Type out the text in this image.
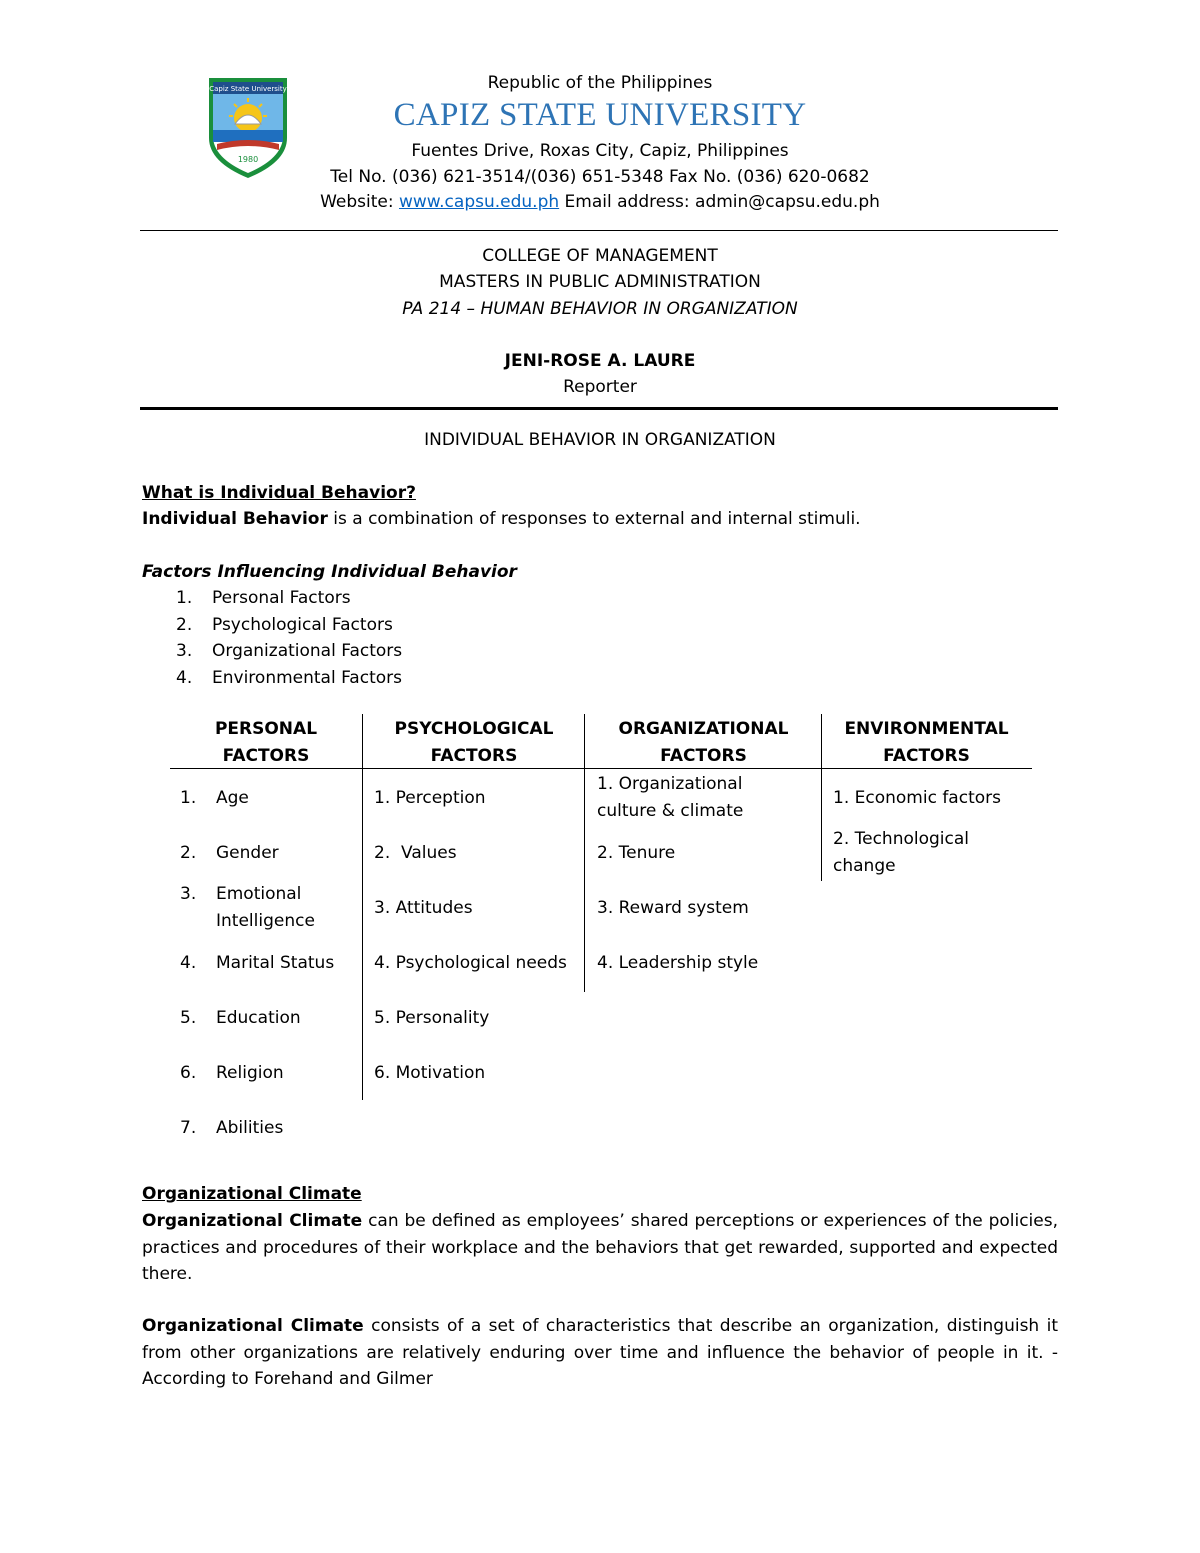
Capiz State University
1980
Republic of the Philippines
CAPIZ STATE UNIVERSITY
Fuentes Drive, Roxas City, Capiz, Philippines
Tel No. (036) 621-3514/(036) 651-5348 Fax No. (036) 620-0682
Website: www.capsu.edu.ph Email address: admin@capsu.edu.ph
COLLEGE OF MANAGEMENT
MASTERS IN PUBLIC ADMINISTRATION
PA 214 – HUMAN BEHAVIOR IN ORGANIZATION
JENI-ROSE A. LAURE
Reporter
INDIVIDUAL BEHAVIOR IN ORGANIZATION
What is Individual Behavior?
Individual Behavior is a combination of responses to external and internal stimuli.
Factors Influencing Individual Behavior
1. Personal Factors
2. Psychological Factors
3. Organizational Factors
4. Environmental Factors
PERSONAL
FACTORS
PSYCHOLOGICAL
FACTORS
ORGANIZATIONAL
FACTORS
ENVIRONMENTAL
FACTORS
1. Age
2. Gender
3. Emotional Intelligence
4. Marital Status
5. Education
6. Religion
7. Abilities
1. Perception
2.  Values
3. Attitudes
4. Psychological needs
5. Personality
6. Motivation
1. Organizational culture & climate
2. Tenure
3. Reward system
4. Leadership style
1. Economic factors
2. Technological change
Organizational Climate
Organizational Climate can be defined as employees’ shared perceptions or experiences of the policies, practices and procedures of their workplace and the behaviors that get rewarded, supported and expected there.
Organizational Climate consists of a set of characteristics that describe an organization, distinguish it from other organizations are relatively enduring over time and influence the behavior of people in it. - According to Forehand and Gilmer
